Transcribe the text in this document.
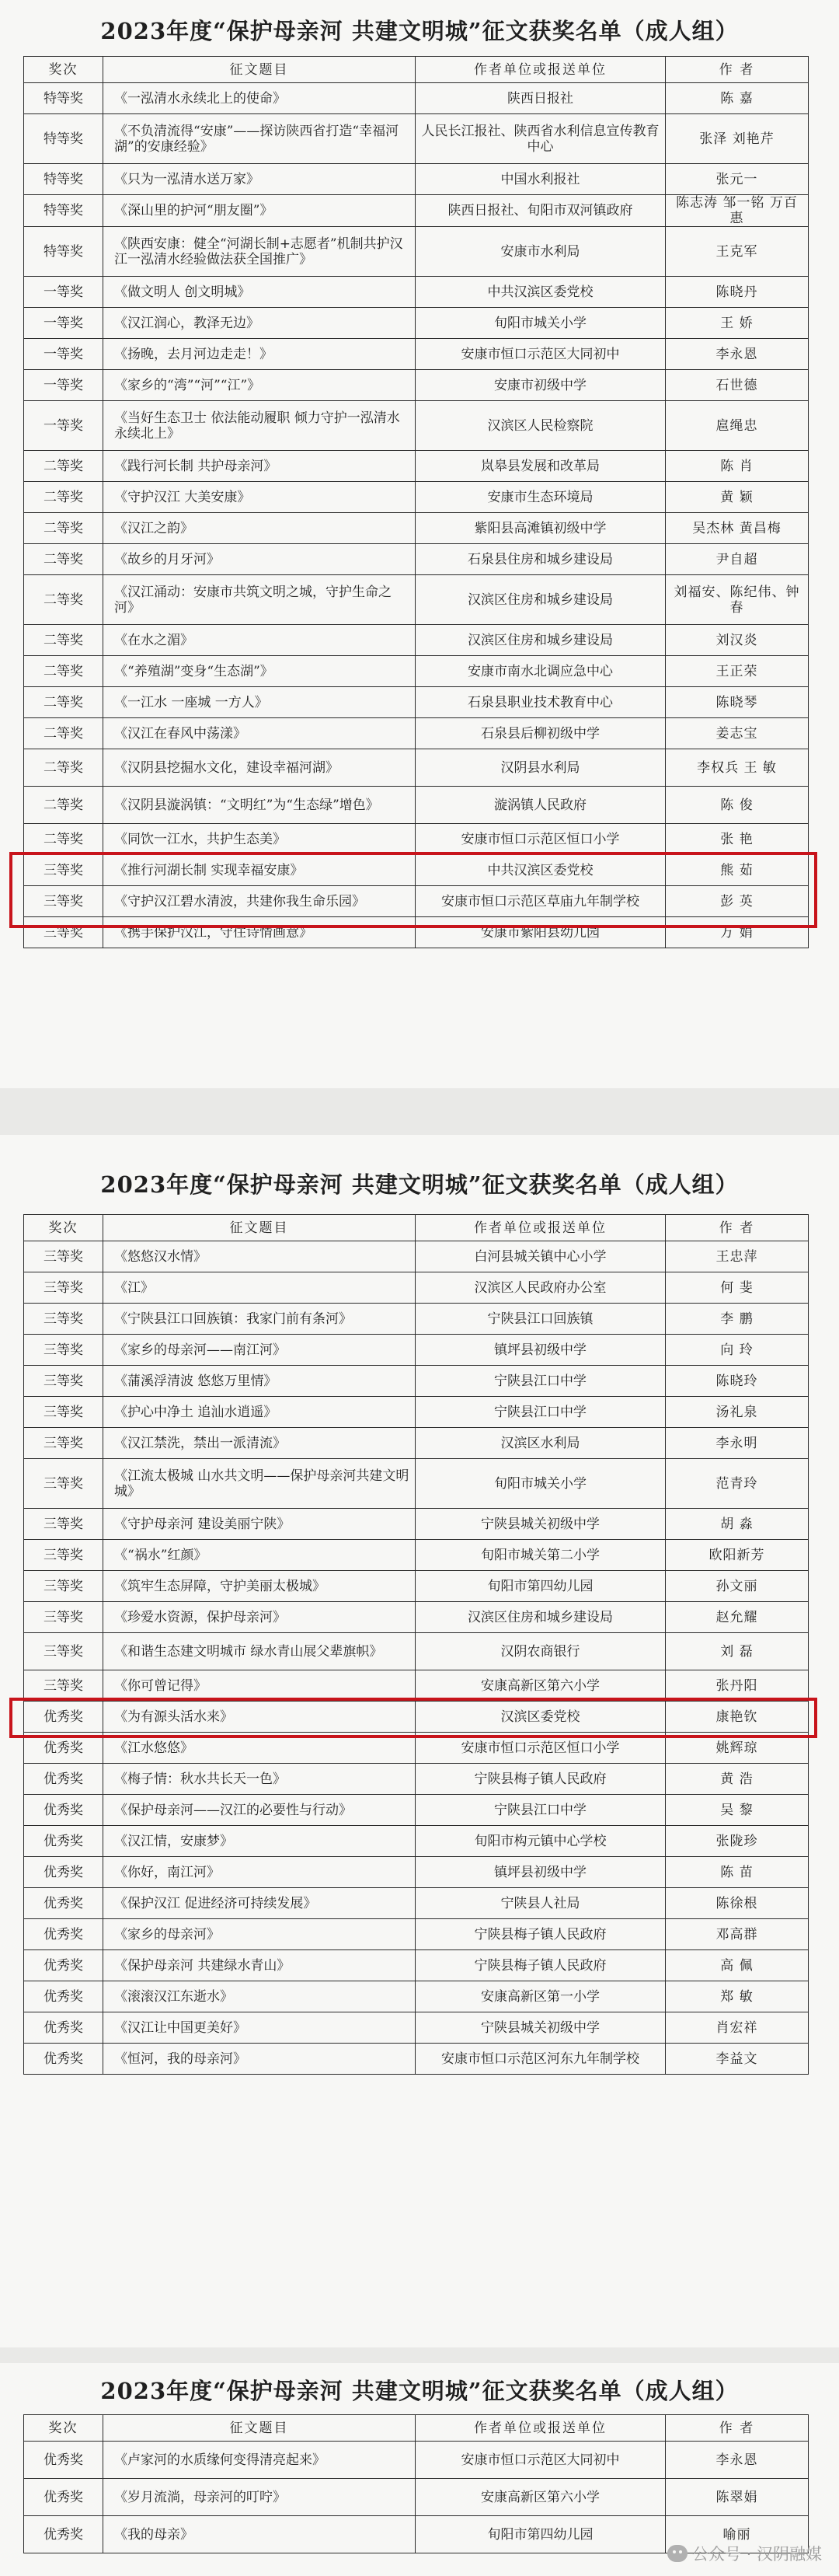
2023年度“保护母亲河 共建文明城”征文获奖名单（成人组）
奖次	征文题目	作者单位或报送单位	作 者
特等奖	《一泓清水永续北上的使命》	陕西日报社	陈 嘉
特等奖	《不负清流得“安康”——探访陕西省打造“幸福河湖”的安康经验》	人民长江报社、陕西省水利信息宣传教育中心	张泽 刘艳芹
特等奖	《只为一泓清水送万家》	中国水利报社	张元一
特等奖	《深山里的护河“朋友圈”》	陕西日报社、旬阳市双河镇政府	陈志涛 邹一铭 万百惠
特等奖	《陕西安康：健全“河湖长制+志愿者”机制共护汉江一泓清水经验做法获全国推广》	安康市水利局	王克军
一等奖	《做文明人 创文明城》	中共汉滨区委党校	陈晓丹
一等奖	《汉江润心，教泽无边》	旬阳市城关小学	王 娇
一等奖	《扬晚，去月河边走走！》	安康市恒口示范区大同初中	李永恩
一等奖	《家乡的“湾”“河”“江”》	安康市初级中学	石世德
一等奖	《当好生态卫士 依法能动履职 倾力守护一泓清水永续北上》	汉滨区人民检察院	扈绳忠
二等奖	《践行河长制 共护母亲河》	岚皋县发展和改革局	陈 肖
二等奖	《守护汉江 大美安康》	安康市生态环境局	黄 颖
二等奖	《汉江之韵》	紫阳县高滩镇初级中学	吴杰林 黄昌梅
二等奖	《故乡的月牙河》	石泉县住房和城乡建设局	尹自超
二等奖	《汉江涌动：安康市共筑文明之城，守护生命之河》	汉滨区住房和城乡建设局	刘福安、陈纪伟、钟春
二等奖	《在水之湄》	汉滨区住房和城乡建设局	刘汉炎
二等奖	《“养殖湖”变身“生态湖”》	安康市南水北调应急中心	王正荣
二等奖	《一江水 一座城 一方人》	石泉县职业技术教育中心	陈晓琴
二等奖	《汉江在春风中荡漾》	石泉县后柳初级中学	姜志宝
二等奖	《汉阴县挖掘水文化，建设幸福河湖》	汉阴县水利局	李权兵 王 敏
二等奖	《汉阴县漩涡镇：“文明红”为“生态绿”增色》	漩涡镇人民政府	陈 俊
二等奖	《同饮一江水，共护生态美》	安康市恒口示范区恒口小学	张 艳
三等奖	《推行河湖长制 实现幸福安康》	中共汉滨区委党校	熊 茹
三等奖	《守护汉江碧水清波，共建你我生命乐园》	安康市恒口示范区草庙九年制学校	彭 英
三等奖	《携手保护汉江，守住诗情画意》	安康市紫阳县幼儿园	万 娟
2023年度“保护母亲河 共建文明城”征文获奖名单（成人组）
奖次	征文题目	作者单位或报送单位	作 者
三等奖	《悠悠汉水情》	白河县城关镇中心小学	王忠萍
三等奖	《江》	汉滨区人民政府办公室	何 斐
三等奖	《宁陕县江口回族镇：我家门前有条河》	宁陕县江口回族镇	李 鹏
三等奖	《家乡的母亲河——南江河》	镇坪县初级中学	向 玲
三等奖	《蒲溪浮清波 悠悠万里情》	宁陕县江口中学	陈晓玲
三等奖	《护心中净土 追汕水逍遥》	宁陕县江口中学	汤礼泉
三等奖	《汉江禁洗，禁出一派清流》	汉滨区水利局	李永明
三等奖	《江流太极城 山水共文明——保护母亲河共建文明城》	旬阳市城关小学	范青玲
三等奖	《守护母亲河 建设美丽宁陕》	宁陕县城关初级中学	胡 淼
三等奖	《“祸水”红颜》	旬阳市城关第二小学	欧阳新芳
三等奖	《筑牢生态屏障，守护美丽太极城》	旬阳市第四幼儿园	孙文丽
三等奖	《珍爱水资源，保护母亲河》	汉滨区住房和城乡建设局	赵允耀
三等奖	《和谐生态建文明城市 绿水青山展父辈旗帜》	汉阴农商银行	刘 磊
三等奖	《你可曾记得》	安康高新区第六小学	张丹阳
优秀奖	《为有源头活水来》	汉滨区委党校	康艳钦
优秀奖	《江水悠悠》	安康市恒口示范区恒口小学	姚辉琼
优秀奖	《梅子情：秋水共长天一色》	宁陕县梅子镇人民政府	黄 浩
优秀奖	《保护母亲河——汉江的必要性与行动》	宁陕县江口中学	吴 黎
优秀奖	《汉江情，安康梦》	旬阳市构元镇中心学校	张陇珍
优秀奖	《你好，南江河》	镇坪县初级中学	陈 苗
优秀奖	《保护汉江 促进经济可持续发展》	宁陕县人社局	陈徐根
优秀奖	《家乡的母亲河》	宁陕县梅子镇人民政府	邓高群
优秀奖	《保护母亲河 共建绿水青山》	宁陕县梅子镇人民政府	高 佩
优秀奖	《滚滚汉江东逝水》	安康高新区第一小学	郑 敏
优秀奖	《汉江让中国更美好》	宁陕县城关初级中学	肖宏祥
优秀奖	《恒河，我的母亲河》	安康市恒口示范区河东九年制学校	李益文
2023年度“保护母亲河 共建文明城”征文获奖名单（成人组）
奖次	征文题目	作者单位或报送单位	作 者
优秀奖	《卢家河的水质缘何变得清亮起来》	安康市恒口示范区大同初中	李永恩
优秀奖	《岁月流淌，母亲河的叮咛》	安康高新区第六小学	陈翠娟
优秀奖	《我的母亲》	旬阳市第四幼儿园	喻丽
公众号 · 汉阴融媒
